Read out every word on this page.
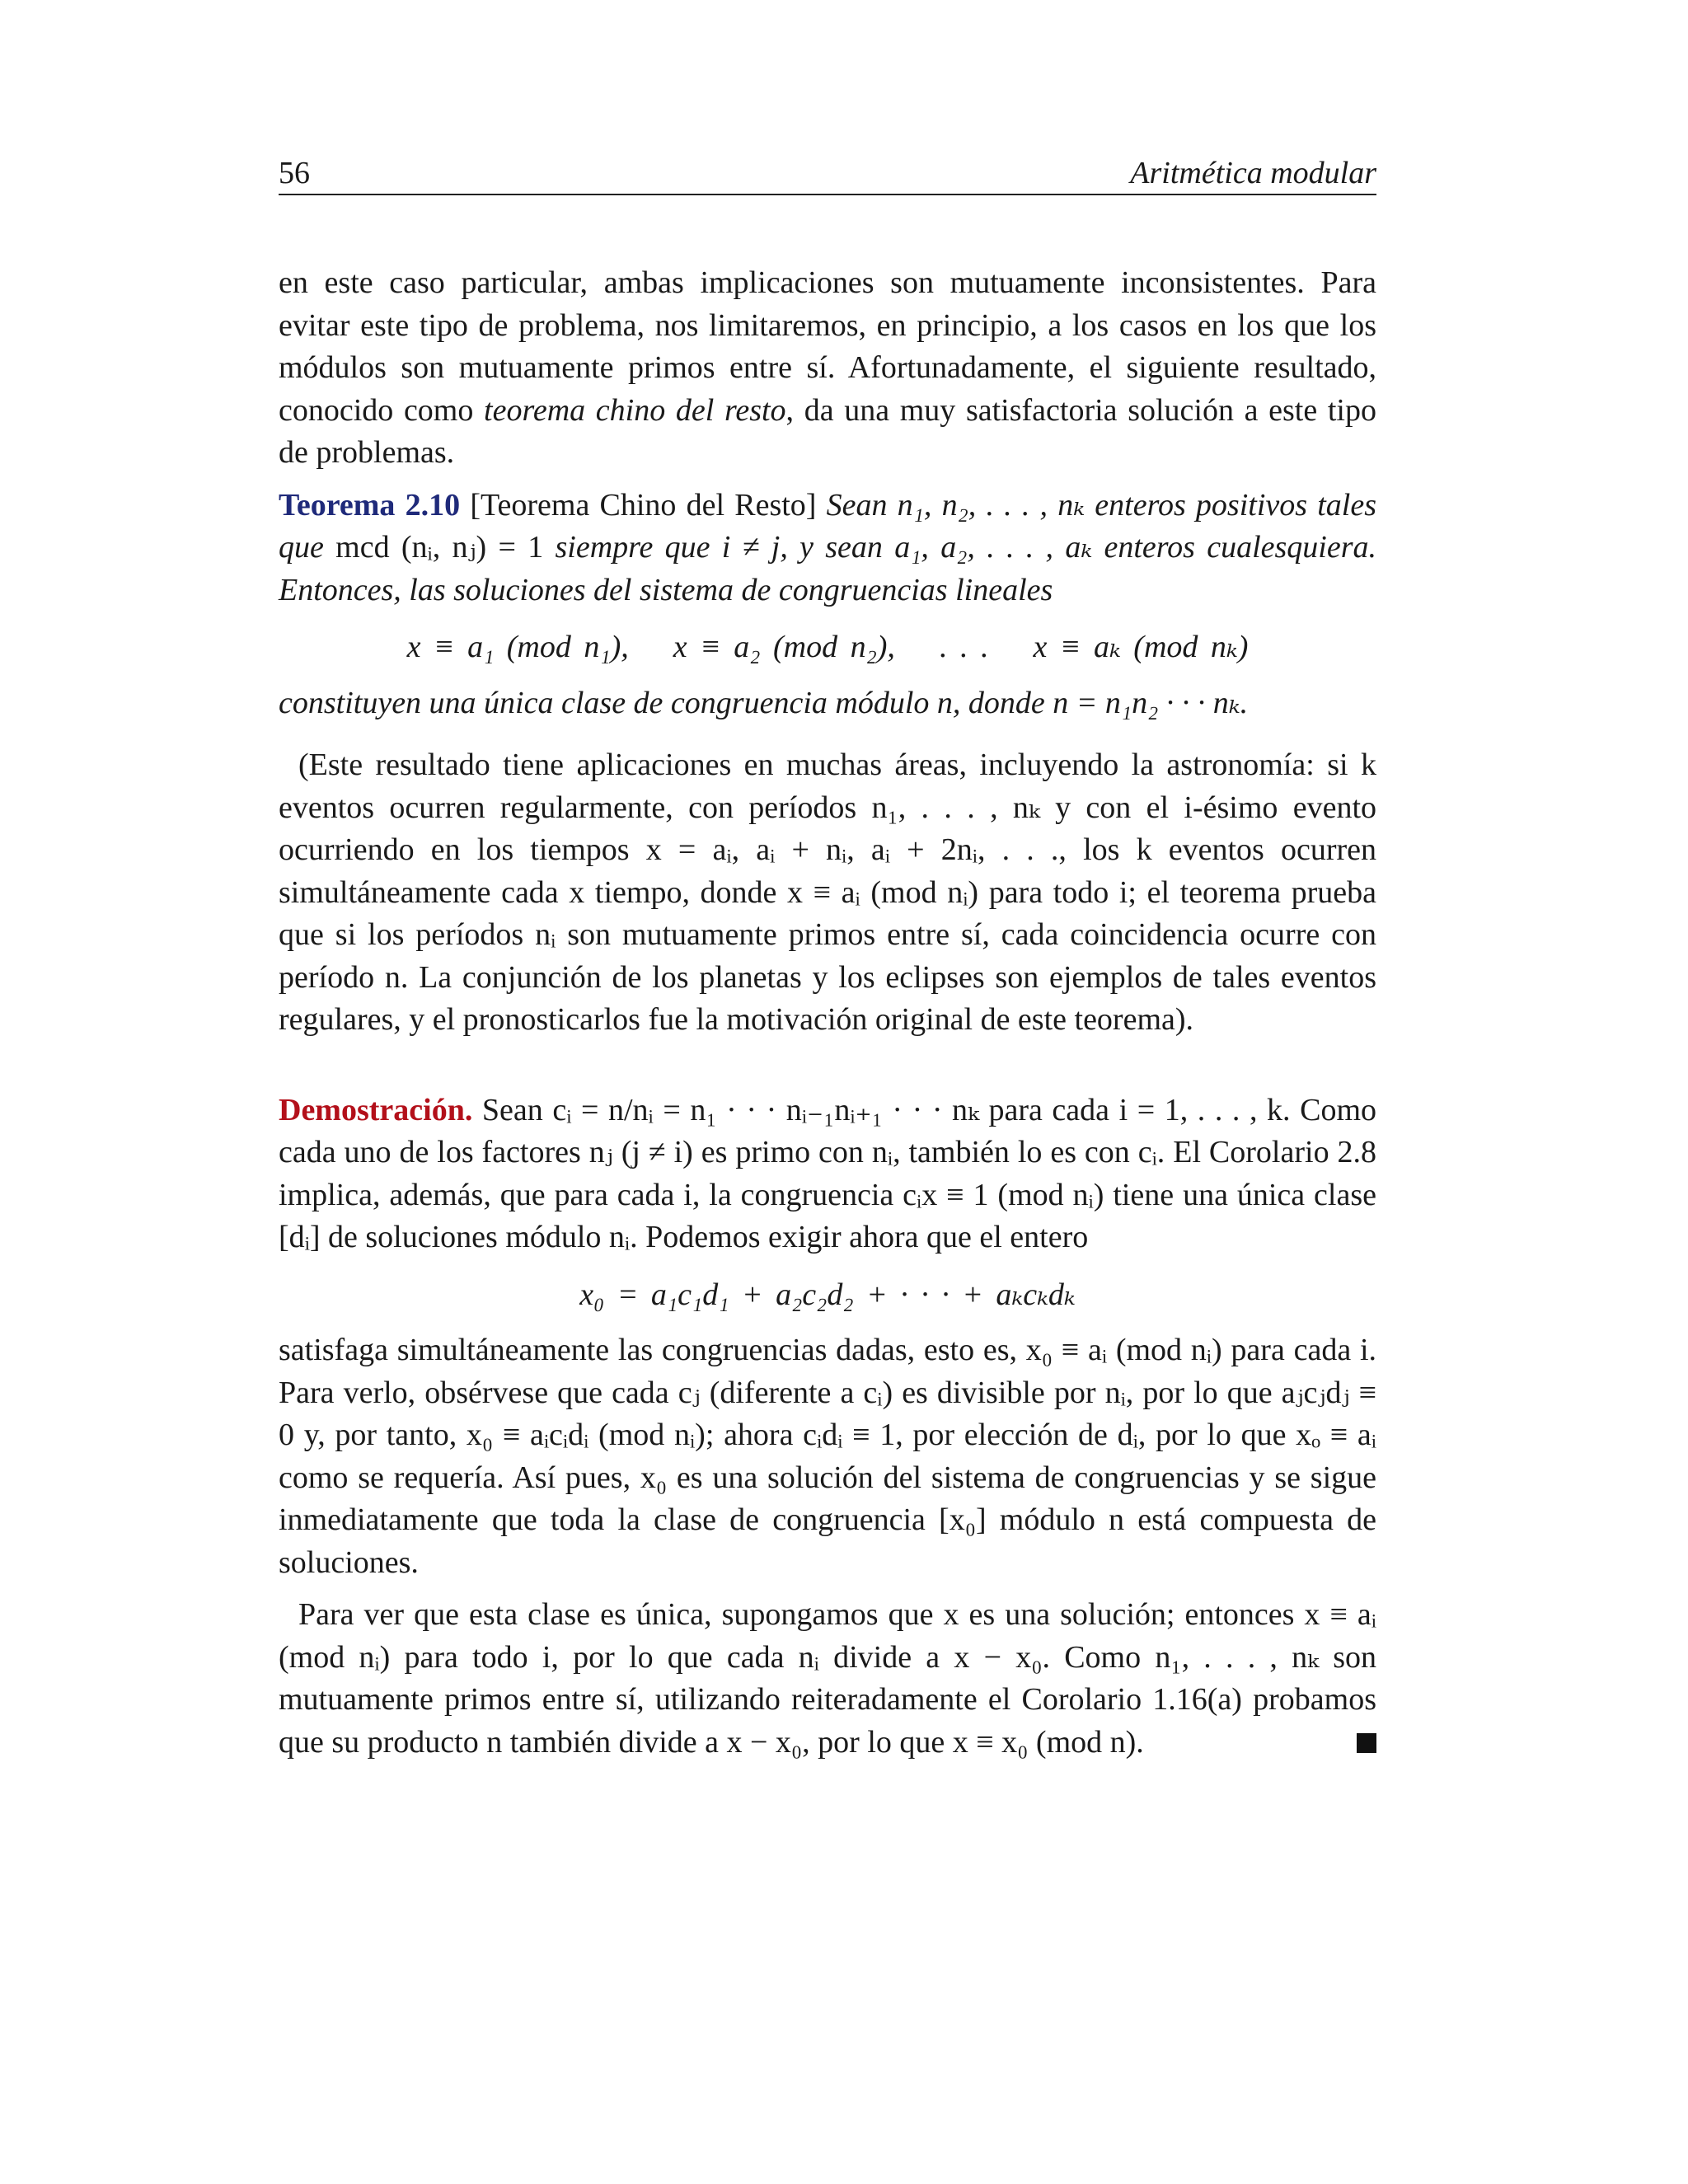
56	Aritmética modular

en este caso particular, ambas implicaciones son mutuamente inconsistentes. Para evitar este tipo de problema, nos limitaremos, en principio, a los casos en los que los módulos son mutuamente primos entre sí. Afortunadamente, el siguiente resultado, conocido como teorema chino del resto, da una muy satisfactoria solución a este tipo de problemas.

Teorema 2.10 [Teorema Chino del Resto] Sean n₁, n₂, . . . , nₖ enteros positivos tales que mcd (nᵢ, nⱼ) = 1 siempre que i ≠ j, y sean a₁, a₂, . . . , aₖ enteros cualesquiera. Entonces, las soluciones del sistema de congruencias lineales

x ≡ a₁ (mod n₁), x ≡ a₂ (mod n₂), . . . x ≡ aₖ (mod nₖ)

constituyen una única clase de congruencia módulo n, donde n = n₁n₂ · · · nₖ.

(Este resultado tiene aplicaciones en muchas áreas, incluyendo la astronomía: si k eventos ocurren regularmente, con períodos n₁, . . . , nₖ y con el i-ésimo evento ocurriendo en los tiempos x = aᵢ, aᵢ + nᵢ, aᵢ + 2nᵢ, . . ., los k eventos ocurren simultáneamente cada x tiempo, donde x ≡ aᵢ (mod nᵢ) para todo i; el teorema prueba que si los períodos nᵢ son mutuamente primos entre sí, cada coincidencia ocurre con período n. La conjunción de los planetas y los eclipses son ejemplos de tales eventos regulares, y el pronosticarlos fue la motivación original de este teorema).

Demostración. Sean cᵢ = n/nᵢ = n₁ · · · nᵢ₋₁nᵢ₊₁ · · · nₖ para cada i = 1, . . . , k. Como cada uno de los factores nⱼ (j ≠ i) es primo con nᵢ, también lo es con cᵢ. El Corolario 2.8 implica, además, que para cada i, la congruencia cᵢx ≡ 1 (mod nᵢ) tiene una única clase [dᵢ] de soluciones módulo nᵢ. Podemos exigir ahora que el entero

x₀ = a₁c₁d₁ + a₂c₂d₂ + · · · + aₖcₖdₖ

satisfaga simultáneamente las congruencias dadas, esto es, x₀ ≡ aᵢ (mod nᵢ) para cada i. Para verlo, obsérvese que cada cⱼ (diferente a cᵢ) es divisible por nᵢ, por lo que aⱼcⱼdⱼ ≡ 0 y, por tanto, x₀ ≡ aᵢcᵢdᵢ (mod nᵢ); ahora cᵢdᵢ ≡ 1, por elección de dᵢ, por lo que xₒ ≡ aᵢ como se requería. Así pues, x₀ es una solución del sistema de congruencias y se sigue inmediatamente que toda la clase de congruencia [x₀] módulo n está compuesta de soluciones.

Para ver que esta clase es única, supongamos que x es una solución; entonces x ≡ aᵢ (mod nᵢ) para todo i, por lo que cada nᵢ divide a x − x₀. Como n₁, . . . , nₖ son mutuamente primos entre sí, utilizando reiteradamente el Corolario 1.16(a) probamos que su producto n también divide a x − x₀, por lo que x ≡ x₀ (mod n).
